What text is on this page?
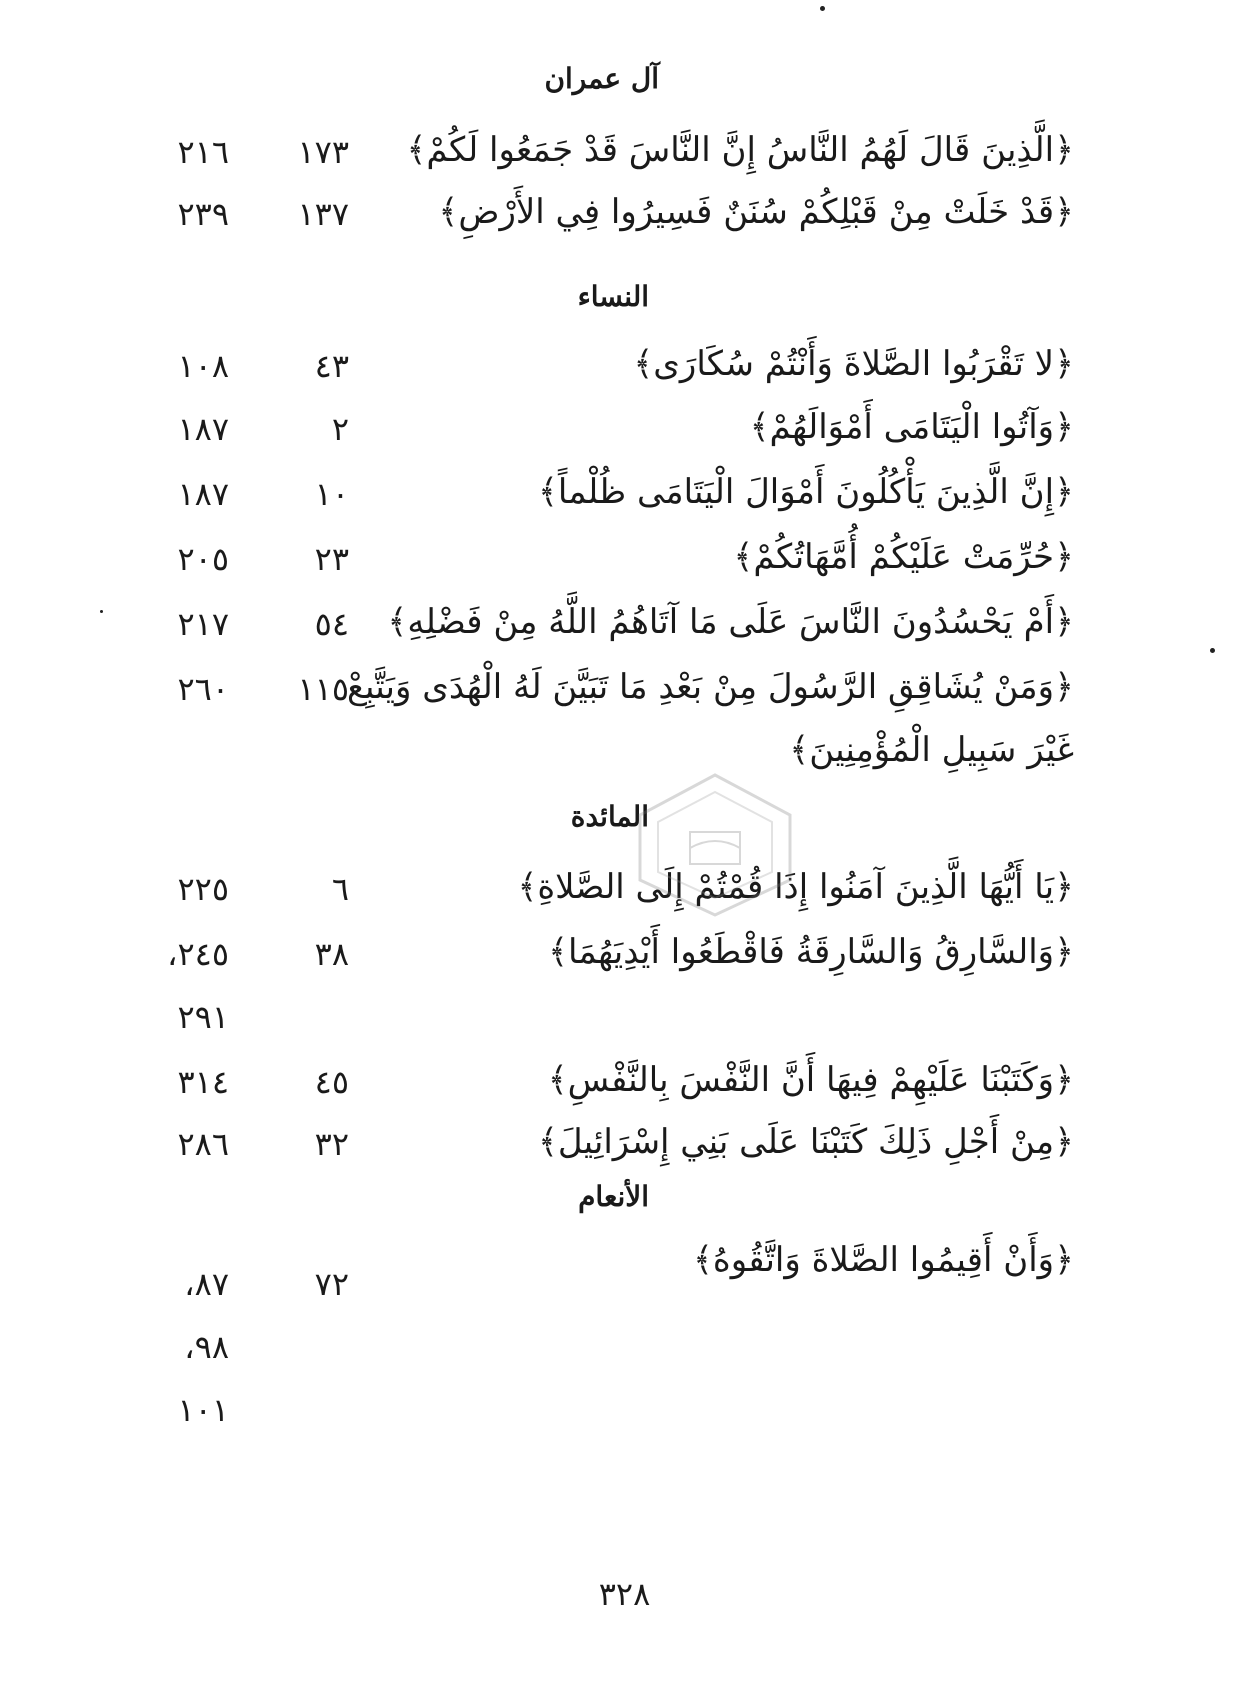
آل عمران
﴿الَّذِينَ قَالَ لَهُمُ النَّاسُ إِنَّ النَّاسَ قَدْ جَمَعُوا لَكُمْ﴾
١٧٣
٢١٦
﴿قَدْ خَلَتْ مِنْ قَبْلِكُمْ سُنَنٌ فَسِيرُوا فِي الأَرْضِ﴾
١٣٧
٢٣٩
النساء
﴿لا تَقْرَبُوا الصَّلاةَ وَأَنْتُمْ سُكَارَى﴾
٤٣
١٠٨
﴿وَآتُوا الْيَتَامَى أَمْوَالَهُمْ﴾
٢
١٨٧
﴿إِنَّ الَّذِينَ يَأْكُلُونَ أَمْوَالَ الْيَتَامَى ظُلْماً﴾
١٠
١٨٧
﴿حُرِّمَتْ عَلَيْكُمْ أُمَّهَاتُكُمْ﴾
٢٣
٢٠٥
﴿أَمْ يَحْسُدُونَ النَّاسَ عَلَى مَا آتَاهُمُ اللَّهُ مِنْ فَضْلِهِ﴾
٥٤
٢١٧
﴿وَمَنْ يُشَاقِقِ الرَّسُولَ مِنْ بَعْدِ مَا تَبَيَّنَ لَهُ الْهُدَى وَيَتَّبِعْ
غَيْرَ سَبِيلِ الْمُؤْمِنِينَ﴾
١١٥
٢٦٠
المائدة
﴿يَا أَيُّهَا الَّذِينَ آمَنُوا إِذَا قُمْتُمْ إِلَى الصَّلاةِ﴾
٦
٢٢٥
﴿وَالسَّارِقُ وَالسَّارِقَةُ فَاقْطَعُوا أَيْدِيَهُمَا﴾
٣٨
٢٤٥،
٢٩١
﴿وَكَتَبْنَا عَلَيْهِمْ فِيهَا أَنَّ النَّفْسَ بِالنَّفْسِ﴾
٤٥
٣١٤
﴿مِنْ أَجْلِ ذَلِكَ كَتَبْنَا عَلَى بَنِي إِسْرَائِيلَ﴾
٣٢
٢٨٦
الأنعام
﴿وَأَنْ أَقِيمُوا الصَّلاةَ وَاتَّقُوهُ﴾
٧٢
٨٧،
٩٨،
١٠١
٣٢٨
